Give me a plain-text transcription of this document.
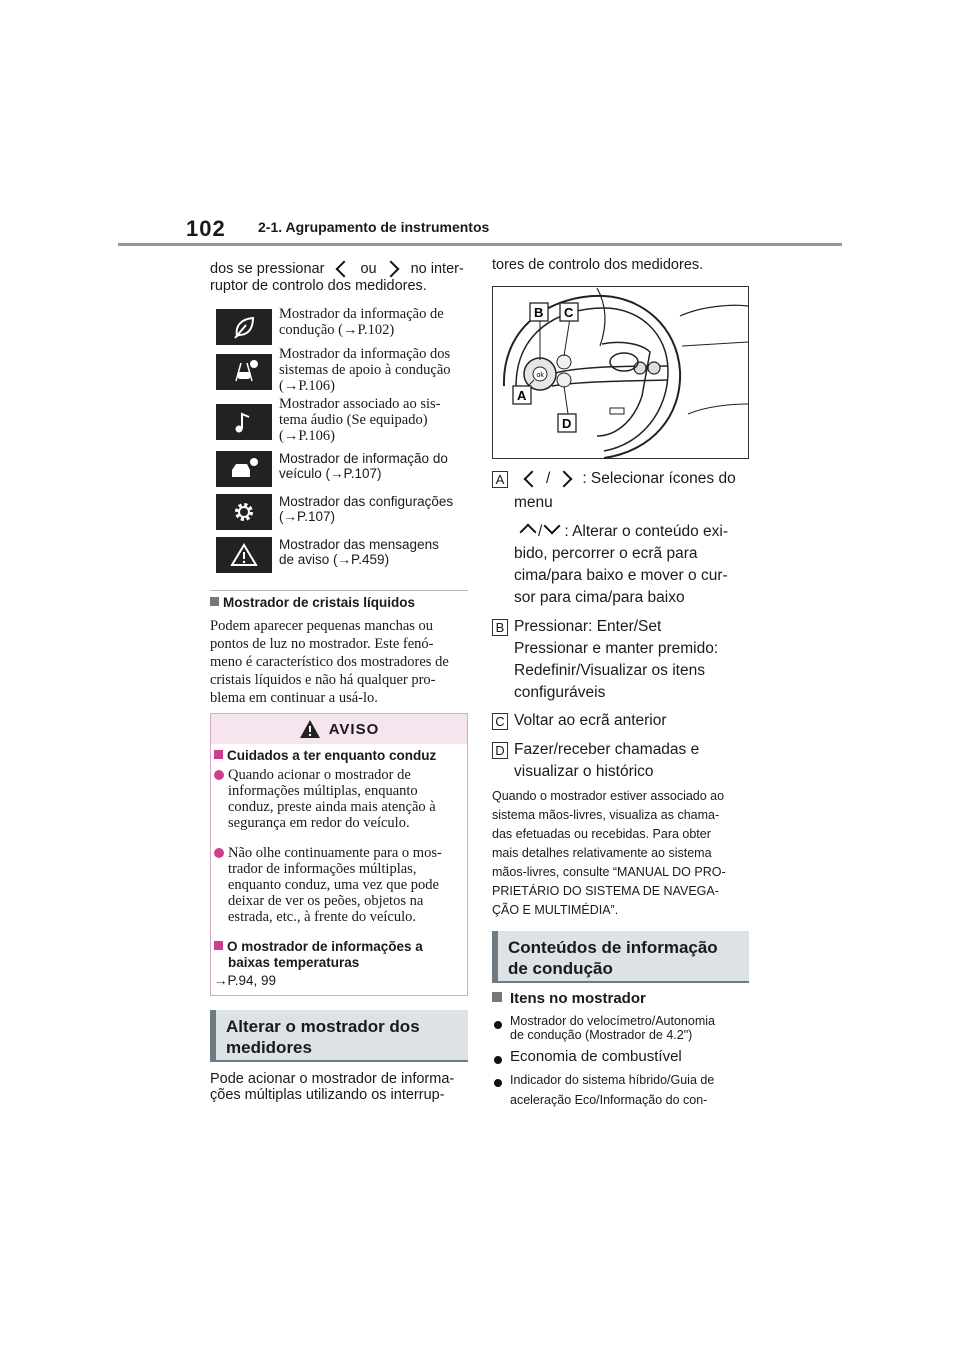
102 2-1. Agrupamento de instrumentos
dos se pressionar ou no inter-
ruptor de controlo dos medidores.
Mostrador da informação de
condução (→P.102)
Mostrador da informação dos
sistemas de apoio à condução
(→P.106)
Mostrador associado ao sis-
tema áudio (Se equipado)
(→P.106)
Mostrador de informação do
veículo (→P.107)
Mostrador das configurações
(→P.107)
Mostrador das mensagens
de aviso (→P.459)
Mostrador de cristais líquidos
Podem aparecer pequenas manchas ou
pontos de luz no mostrador. Este fenó-
meno é característico dos mostradores de
cristais líquidos e não há qualquer pro-
blema em continuar a usá-lo.
AVISO
Cuidados a ter enquanto conduz
Quando acionar o mostrador de
informações múltiplas, enquanto
conduz, preste ainda mais atenção à
segurança em redor do veículo.
Não olhe continuamente para o mos-
trador de informações múltiplas,
enquanto conduz, uma vez que pode
deixar de ver os peões, objetos na
estrada, etc., à frente do veículo.
O mostrador de informações a
baixas temperaturas
→P.94, 99
Alterar o mostrador dos
medidores
Pode acionar o mostrador de informa-
ções múltiplas utilizando os interrup-
tores de controlo dos medidores.
ok
B C
A
D
A	/ : Selecionar ícones do
menu
/ : Alterar o conteúdo exi-
bido, percorrer o ecrã para
cima/para baixo e mover o cur-
sor para cima/para baixo
B Pressionar: Enter/Set
Pressionar e manter premido:
Redefinir/Visualizar os itens
configuráveis
C Voltar ao ecrã anterior
D Fazer/receber chamadas e
visualizar o histórico
Quando o mostrador estiver associado ao
sistema mãos-livres, visualiza as chama-
das efetuadas ou recebidas. Para obter
mais detalhes relativamente ao sistema
mãos-livres, consulte “MANUAL DO PRO-
PRIETÁRIO DO SISTEMA DE NAVEGA-
ÇÃO E MULTIMÉDIA”.
Conteúdos de informação
de condução
Itens no mostrador
Mostrador do velocímetro/Autonomia
de condução (Mostrador de 4.2")
Economia de combustível
Indicador do sistema híbrido/Guia de
aceleração Eco/Informação do con-
